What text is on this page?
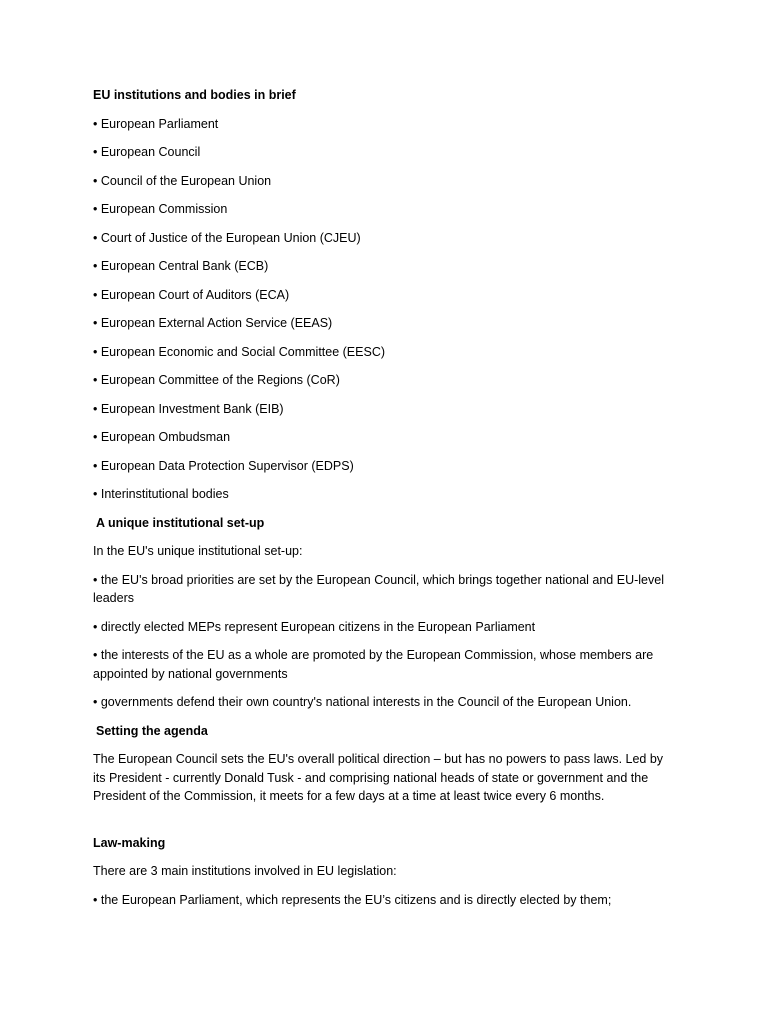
EU institutions and bodies in brief
• European Parliament
• European Council
• Council of the European Union
• European Commission
• Court of Justice of the European Union (CJEU)
• European Central Bank (ECB)
• European Court of Auditors (ECA)
• European External Action Service (EEAS)
• European Economic and Social Committee (EESC)
• European Committee of the Regions (CoR)
• European Investment Bank (EIB)
• European Ombudsman
• European Data Protection Supervisor (EDPS)
• Interinstitutional bodies
A unique institutional set-up
In the EU's unique institutional set-up:
• the EU's broad priorities are set by the European Council, which brings together national and EU-level leaders
• directly elected MEPs represent European citizens in the European Parliament
• the interests of the EU as a whole are promoted by the European Commission, whose members are appointed by national governments
• governments defend their own country's national interests in the Council of the European Union.
Setting the agenda
The European Council sets the EU's overall political direction – but has no powers to pass laws. Led by its President - currently Donald Tusk - and comprising national heads of state or government and the President of the Commission, it meets for a few days at a time at least twice every 6 months.
Law-making
There are 3 main institutions involved in EU legislation:
• the European Parliament, which represents the EU’s citizens and is directly elected by them;
